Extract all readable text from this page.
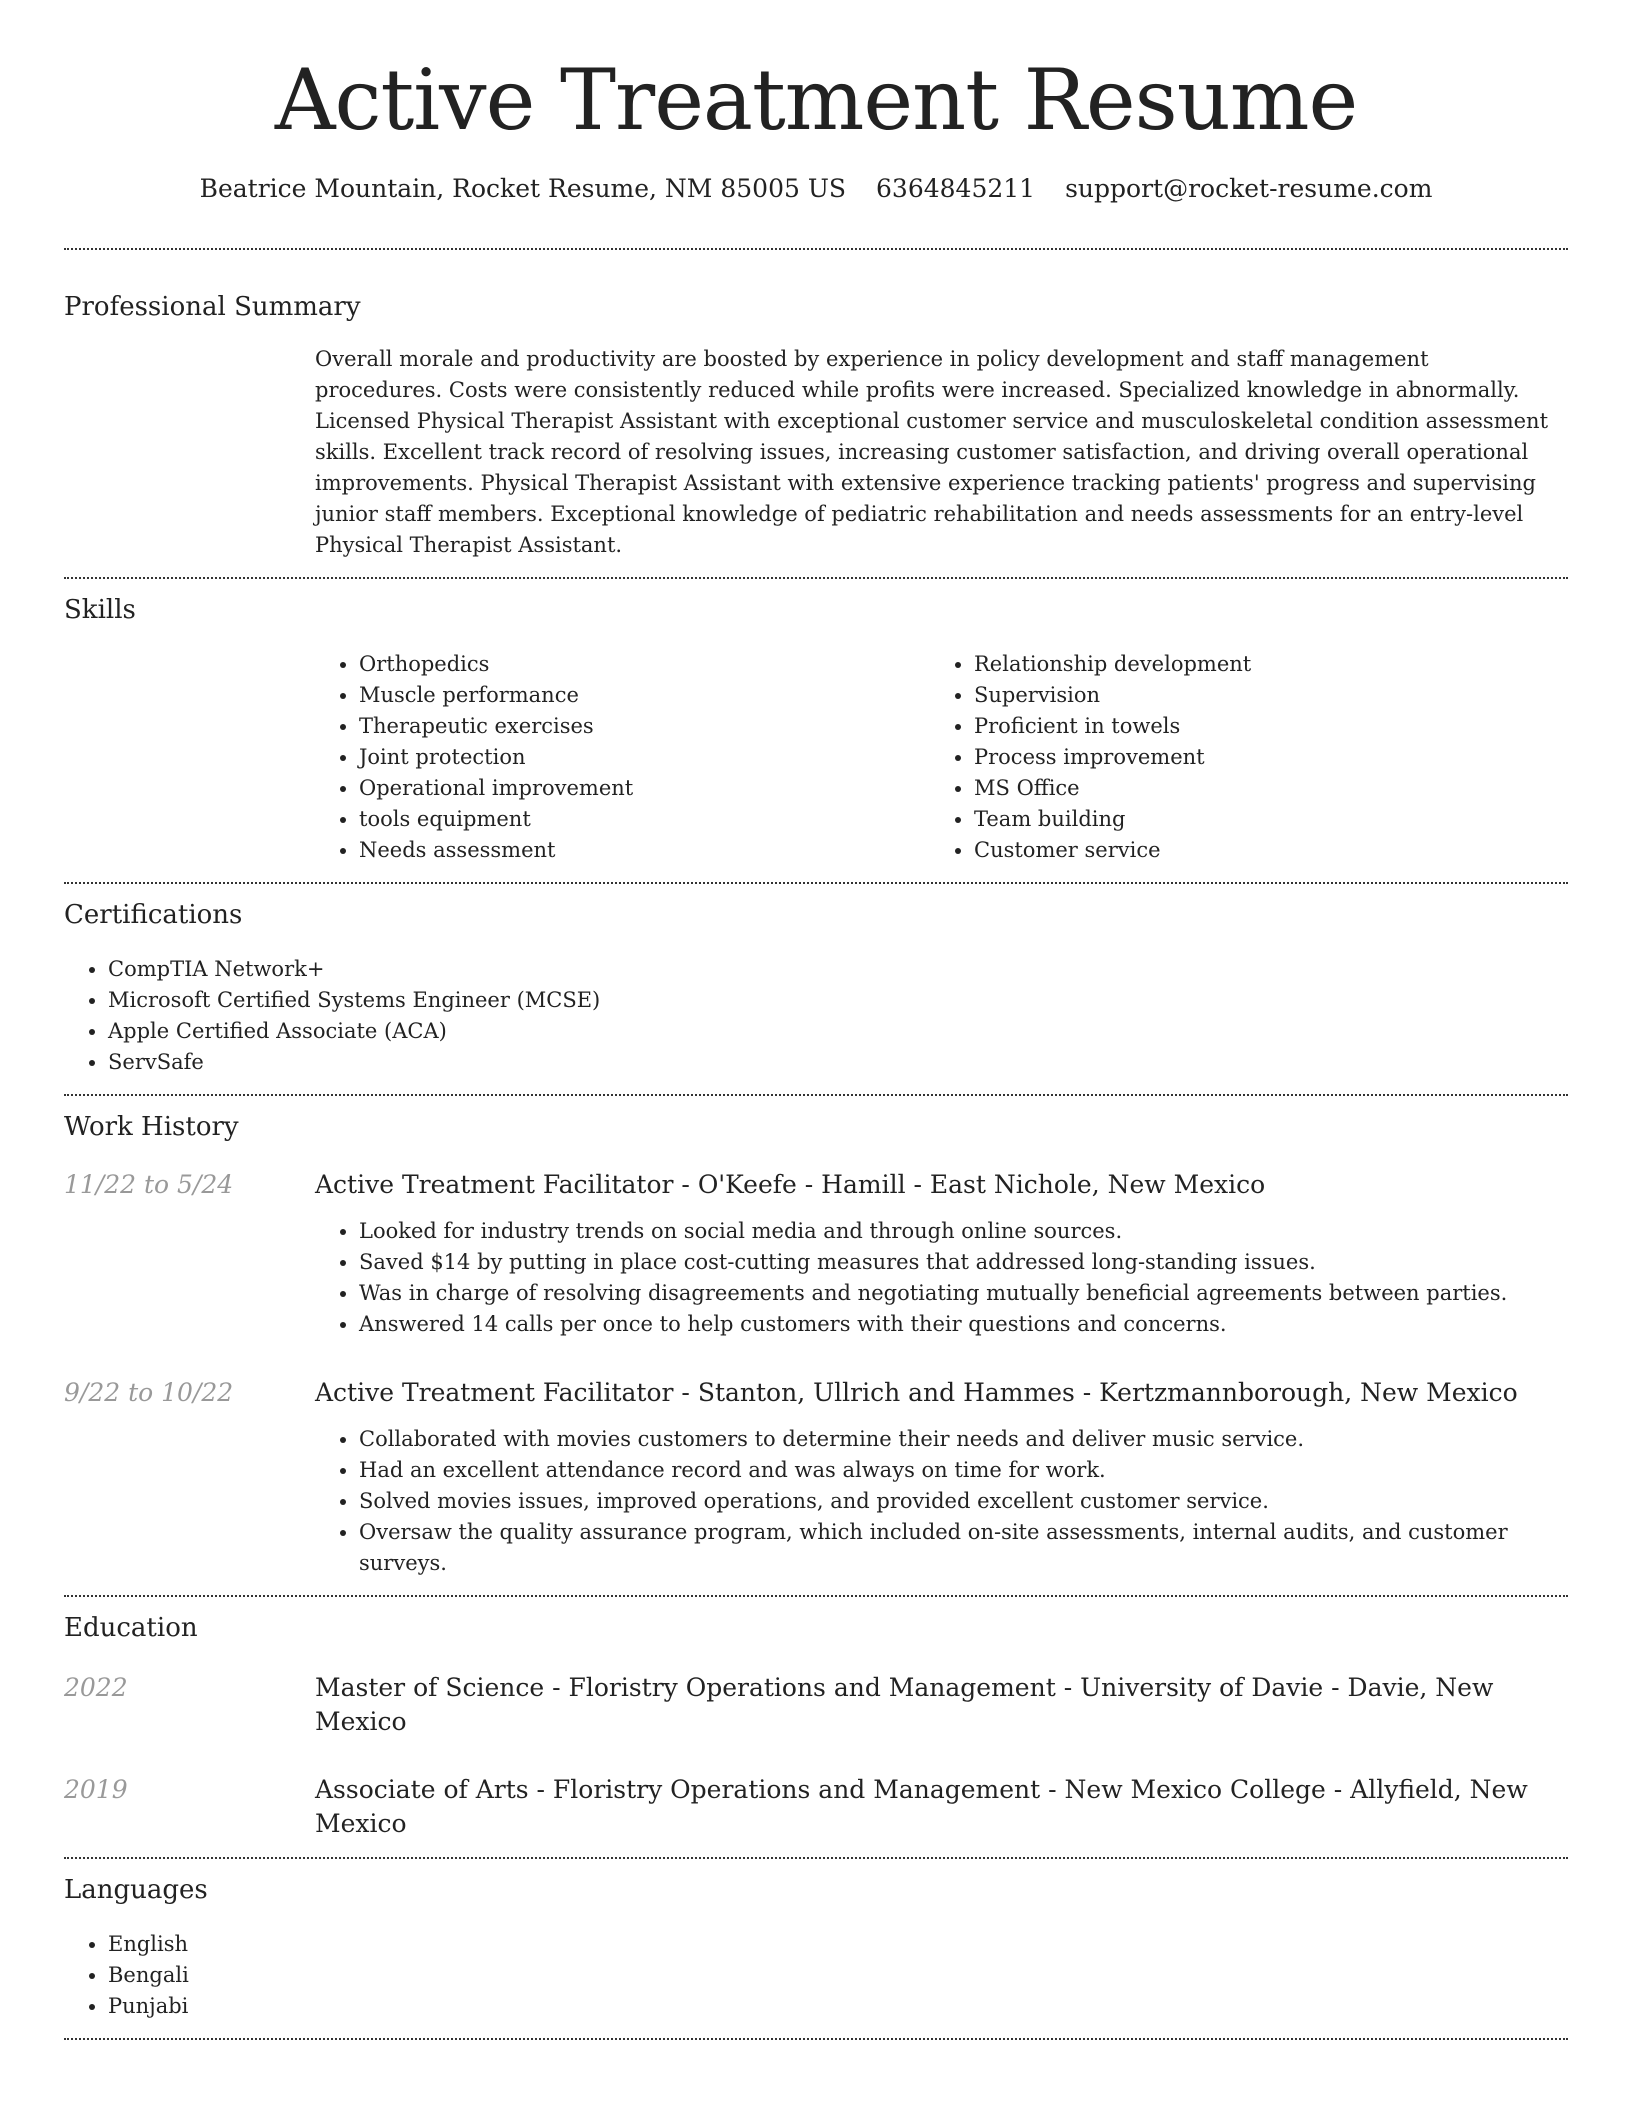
Active Treatment Resume
Beatrice Mountain, Rocket Resume, NM 85005 US 6364845211 support@rocket-resume.com
Professional Summary
Overall morale and productivity are boosted by experience in policy development and staff management procedures. Costs were consistently reduced while profits were increased. Specialized knowledge in abnormally. Licensed Physical Therapist Assistant with exceptional customer service and musculoskeletal condition assessment skills. Excellent track record of resolving issues, increasing customer satisfaction, and driving overall operational improvements. Physical Therapist Assistant with extensive experience tracking patients' progress and supervising junior staff members. Exceptional knowledge of pediatric rehabilitation and needs assessments for an entry-level Physical Therapist Assistant.
Skills
• Orthopedics
• Muscle performance
• Therapeutic exercises
• Joint protection
• Operational improvement
• tools equipment
• Needs assessment
• Relationship development
• Supervision
• Proficient in towels
• Process improvement
• MS Office
• Team building
• Customer service
Certifications
• CompTIA Network+
• Microsoft Certified Systems Engineer (MCSE)
• Apple Certified Associate (ACA)
• ServSafe
Work History
11/22 to 5/24	Active Treatment Facilitator - O'Keefe - Hamill - East Nichole, New Mexico
• Looked for industry trends on social media and through online sources.
• Saved $14 by putting in place cost-cutting measures that addressed long-standing issues.
• Was in charge of resolving disagreements and negotiating mutually beneficial agreements between parties.
• Answered 14 calls per once to help customers with their questions and concerns.
9/22 to 10/22	Active Treatment Facilitator - Stanton, Ullrich and Hammes - Kertzmannborough, New Mexico
• Collaborated with movies customers to determine their needs and deliver music service.
• Had an excellent attendance record and was always on time for work.
• Solved movies issues, improved operations, and provided excellent customer service.
• Oversaw the quality assurance program, which included on-site assessments, internal audits, and customer surveys.
Education
2022	Master of Science - Floristry Operations and Management - University of Davie - Davie, New Mexico
2019	Associate of Arts - Floristry Operations and Management - New Mexico College - Allyfield, New Mexico
Languages
• English
• Bengali
• Punjabi
